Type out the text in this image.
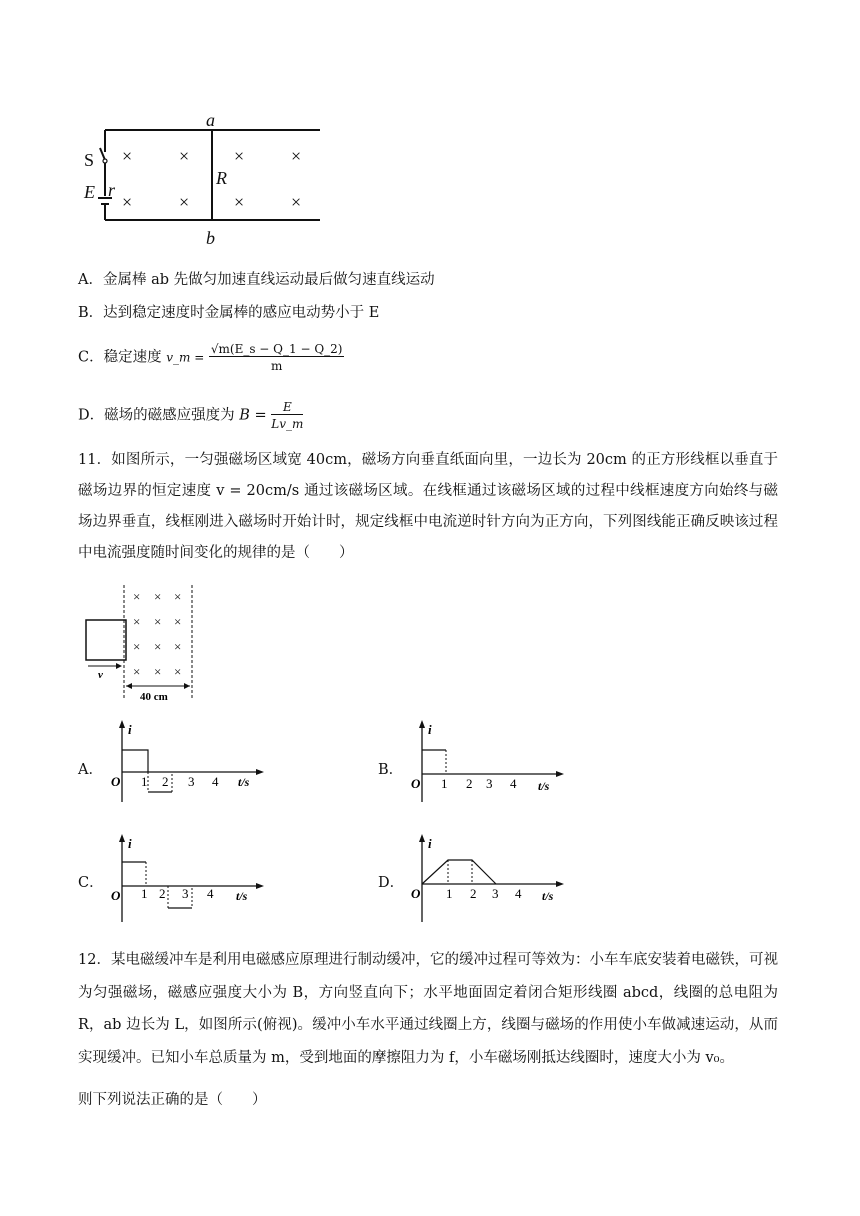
S
E r
a
b
R
×	× ×	×
×	× ×	×
A．金属棒 ab 先做匀加速直线运动最后做匀速直线运动
B．达到稳定速度时金属棒的感应电动势小于 E
C．稳定速度 v_m = $\frac{√m(E\_s - Q\_1 - Q\_2)}{m}$
D．磁场的磁感应强度为 $B = \frac{E}{Lv\_m}$
11．如图所示，一匀强磁场区域宽 40cm，磁场方向垂直纸面向里，一边长为 20cm 的正方形线框以垂直于磁场边界的恒定速度 v = 20cm/s 通过该磁场区域。在线框通过该磁场区域的过程中线框速度方向始终与磁场边界垂直，线框刚进入磁场时开始计时，规定线框中电流逆时针方向为正方向，下列图线能正确反映该过程中电流强度随时间变化的规律的是（　　）
v
× × ×
× × ×
× × ×
× × ×
40 cm
A．	B．
C．	D．
i
O 1 2 3 4 t/s
i
O 1 2 3 4 t/s
i
O 1 2 3 4 t/s
i
O 1 2 3 4 t/s
12．某电磁缓冲车是利用电磁感应原理进行制动缓冲，它的缓冲过程可等效为：小车车底安装着电磁铁，可视为匀强磁场，磁感应强度大小为 B，方向竖直向下；水平地面固定着闭合矩形线圈 abcd，线圈的总电阻为 R，ab 边长为 L，如图所示(俯视)。缓冲小车水平通过线圈上方，线圈与磁场的作用使小车做减速运动，从而实现缓冲。已知小车总质量为 m，受到地面的摩擦阻力为 f，小车磁场刚抵达线圈时，速度大小为 v₀。
则下列说法正确的是（　　）
